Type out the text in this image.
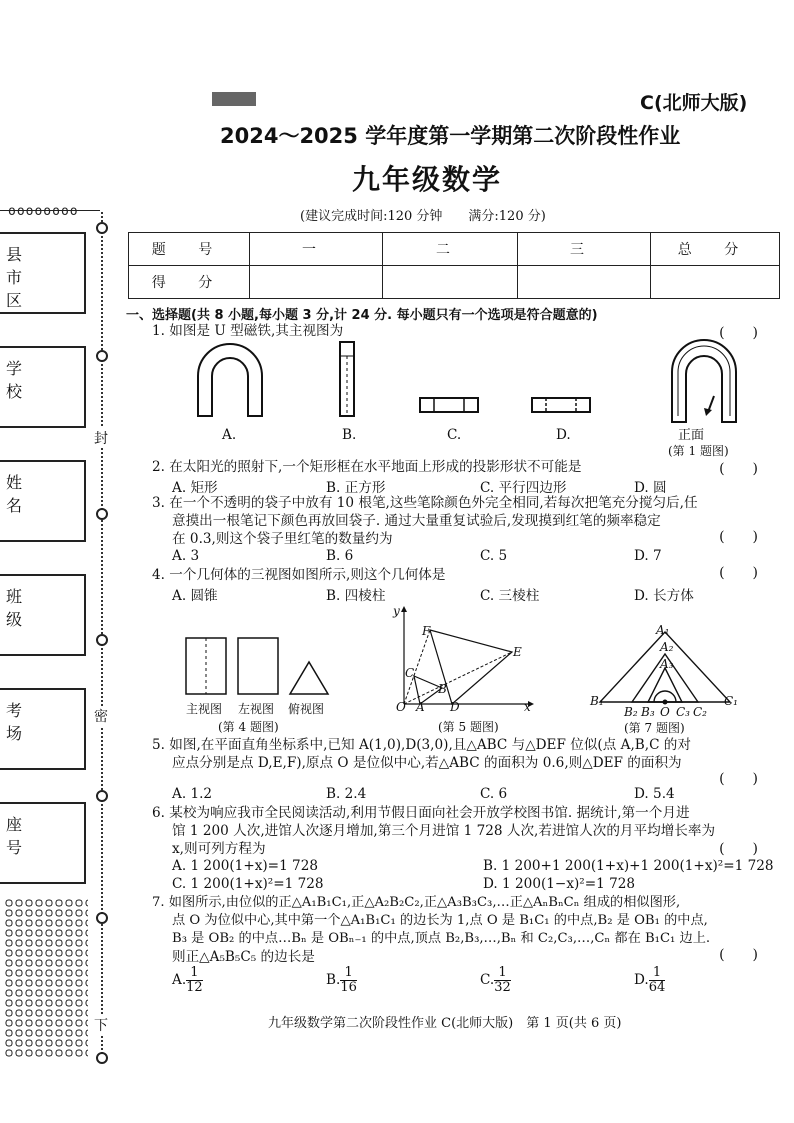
C(北师大版)
2024～2025 学年度第一学期第二次阶段性作业
九年级数学
(建议完成时间:120 分钟　　满分:120 分)
oooooooo
县 市 区
学 校
姓 名
班 级
考 场
座 号
封
密
下
题 号	一	二	三	总 分
得 分				
一、选择题(共 8 小题,每小题 3 分,计 24 分. 每小题只有一个选项是符合题意的)
1. 如图是 U 型磁铁,其主视图为	(　　)
A.	B.	C.	D.	正面
(第 1 题图)
2. 在太阳光的照射下,一个矩形框在水平地面上形成的投影形状不可能是	(　　)
A. 矩形	B. 正方形	C. 平行四边形	D. 圆
3. 在一个不透明的袋子中放有 10 根笔,这些笔除颜色外完全相同,若每次把笔充分搅匀后,任
意摸出一根笔记下颜色再放回袋子. 通过大量重复试验后,发现摸到红笔的频率稳定
在 0.3,则这个袋子里红笔的数量约为	(　　)
A. 3	B. 6	C. 5	D. 7
4. 一个几何体的三视图如图所示,则这个几何体是	(　　)
A. 圆锥	B. 四棱柱	C. 三棱柱	D. 长方体
主视图 左视图 俯视图
(第 4 题图)
y
F
E
C
B
O A D	x
(第 5 题图)
A₁
A₂
A₃
B₁
B₂ B₃ O C₃ C₂
C₁
(第 7 题图)
5. 如图,在平面直角坐标系中,已知 A(1,0),D(3,0),且△ABC 与△DEF 位似(点 A,B,C 的对
应点分别是点 D,E,F),原点 O 是位似中心,若△ABC 的面积为 0.6,则△DEF 的面积为
(　　)
A. 1.2	B. 2.4	C. 6	D. 5.4
6. 某校为响应我市全民阅读活动,利用节假日面向社会开放学校图书馆. 据统计,第一个月进
馆 1 200 人次,进馆人次逐月增加,第三个月进馆 1 728 人次,若进馆人次的月平均增长率为
x,则可列方程为	(　　)
A. 1 200(1+x)=1 728	B. 1 200+1 200(1+x)+1 200(1+x)²=1 728
C. 1 200(1+x)²=1 728	D. 1 200(1−x)²=1 728
7. 如图所示,由位似的正△A₁B₁C₁,正△A₂B₂C₂,正△A₃B₃C₃,…正△AₙBₙCₙ 组成的相似图形,
点 O 为位似中心,其中第一个△A₁B₁C₁ 的边长为 1,点 O 是 B₁C₁ 的中点,B₂ 是 OB₁ 的中点,
B₃ 是 OB₂ 的中点…Bₙ 是 OBₙ₋₁ 的中点,顶点 B₂,B₃,…,Bₙ 和 C₂,C₃,…,Cₙ 都在 B₁C₁ 边上.
则正△A₅B₅C₅ 的边长是	(　　)
A. $\frac{1}{12}$	B. $\frac{1}{16}$	C. $\frac{1}{32}$	D. $\frac{1}{64}$
九年级数学第二次阶段性作业 C(北师大版)　第 1 页(共 6 页)
